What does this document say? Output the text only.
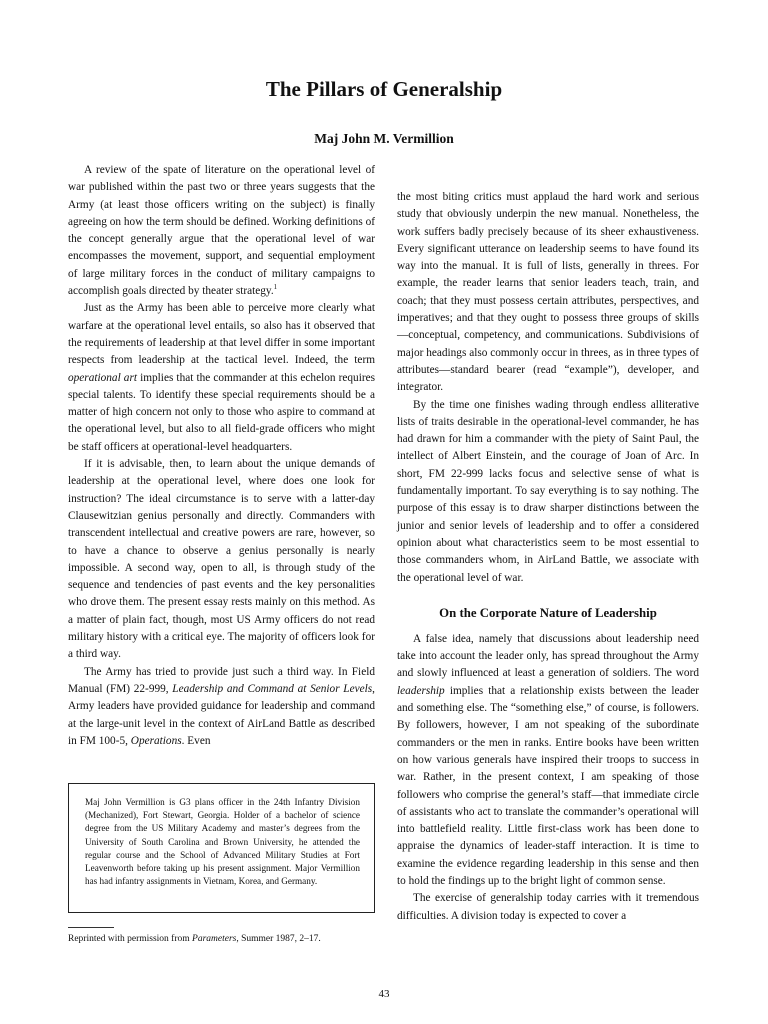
The Pillars of Generalship
Maj John M. Vermillion

A review of the spate of literature on the operational level of war published within the past two or three years suggests that the Army (at least those officers writing on the subject) is finally agreeing on how the term should be defined. Working definitions of the concept generally argue that the operational level of war encompasses the movement, support, and sequential employment of large military forces in the conduct of military campaigns to accomplish goals directed by theater strategy.$^1$

Just as the Army has been able to perceive more clearly what warfare at the operational level entails, so also has it observed that the requirements of leadership at that level differ in some important respects from leadership at the tactical level. Indeed, the term operational art implies that the commander at this echelon requires special talents. To identify these special requirements should be a matter of high concern not only to those who aspire to command at the operational level, but also to all field-grade officers who might be staff officers at operational-level headquarters.

If it is advisable, then, to learn about the unique demands of leadership at the operational level, where does one look for instruction? The ideal circumstance is to serve with a latter-day Clausewitzian genius personally and directly. Commanders with transcendent intellectual and creative powers are rare, however, so to have a chance to observe a genius personally is nearly impossible. A second way, open to all, is through study of the sequence and tendencies of past events and the key personalities who drove them. The present essay rests mainly on this method. As a matter of plain fact, though, most US Army officers do not read military history with a critical eye. The majority of officers look for a third way.

The Army has tried to provide just such a third way. In Field Manual (FM) 22-999, Leadership and Command at Senior Levels, Army leaders have provided guidance for leadership and command at the large-unit level in the context of AirLand Battle as described in FM 100-5, Operations. Even

Maj John Vermillion is G3 plans officer in the 24th Infantry Division (Mechanized), Fort Stewart, Georgia. Holder of a bachelor of science degree from the US Military Academy and master’s degrees from the University of South Carolina and Brown University, he attended the regular course and the School of Advanced Military Studies at Fort Leavenworth before taking up his present assignment. Major Vermillion has had infantry assignments in Vietnam, Korea, and Germany.

the most biting critics must applaud the hard work and serious study that obviously underpin the new manual. Nonetheless, the work suffers badly precisely because of its sheer exhaustiveness. Every significant utterance on leadership seems to have found its way into the manual. It is full of lists, generally in threes. For example, the reader learns that senior leaders teach, train, and coach; that they must possess certain attributes, perspectives, and imperatives; and that they ought to possess three groups of skills—conceptual, competency, and communications. Subdivisions of major headings also commonly occur in threes, as in three types of attributes—standard bearer (read “example”), developer, and integrator.

By the time one finishes wading through endless alliterative lists of traits desirable in the operational-level commander, he has had drawn for him a commander with the piety of Saint Paul, the intellect of Albert Einstein, and the courage of Joan of Arc. In short, FM 22-999 lacks focus and selective sense of what is fundamentally important. To say everything is to say nothing. The purpose of this essay is to draw sharper distinctions between the junior and senior levels of leadership and to offer a considered opinion about what characteristics seem to be most essential to those commanders whom, in AirLand Battle, we associate with the operational level of war.

On the Corporate Nature of Leadership

A false idea, namely that discussions about leadership need take into account the leader only, has spread throughout the Army and slowly influenced at least a generation of soldiers. The word leadership implies that a relationship exists between the leader and something else. The “something else,” of course, is followers. By followers, however, I am not speaking of the subordinate commanders or the men in ranks. Entire books have been written on how various generals have inspired their troops to success in war. Rather, in the present context, I am speaking of those followers who comprise the general’s staff—that immediate circle of assistants who act to translate the commander’s operational will into battlefield reality. Little first-class work has been done to appraise the dynamics of leader-staff interaction. It is time to examine the evidence regarding leadership in this sense and then to hold the findings up to the bright light of common sense.

The exercise of generalship today carries with it tremendous difficulties. A division today is expected to cover a

Reprinted with permission from Parameters, Summer 1987, 2–17.
43
